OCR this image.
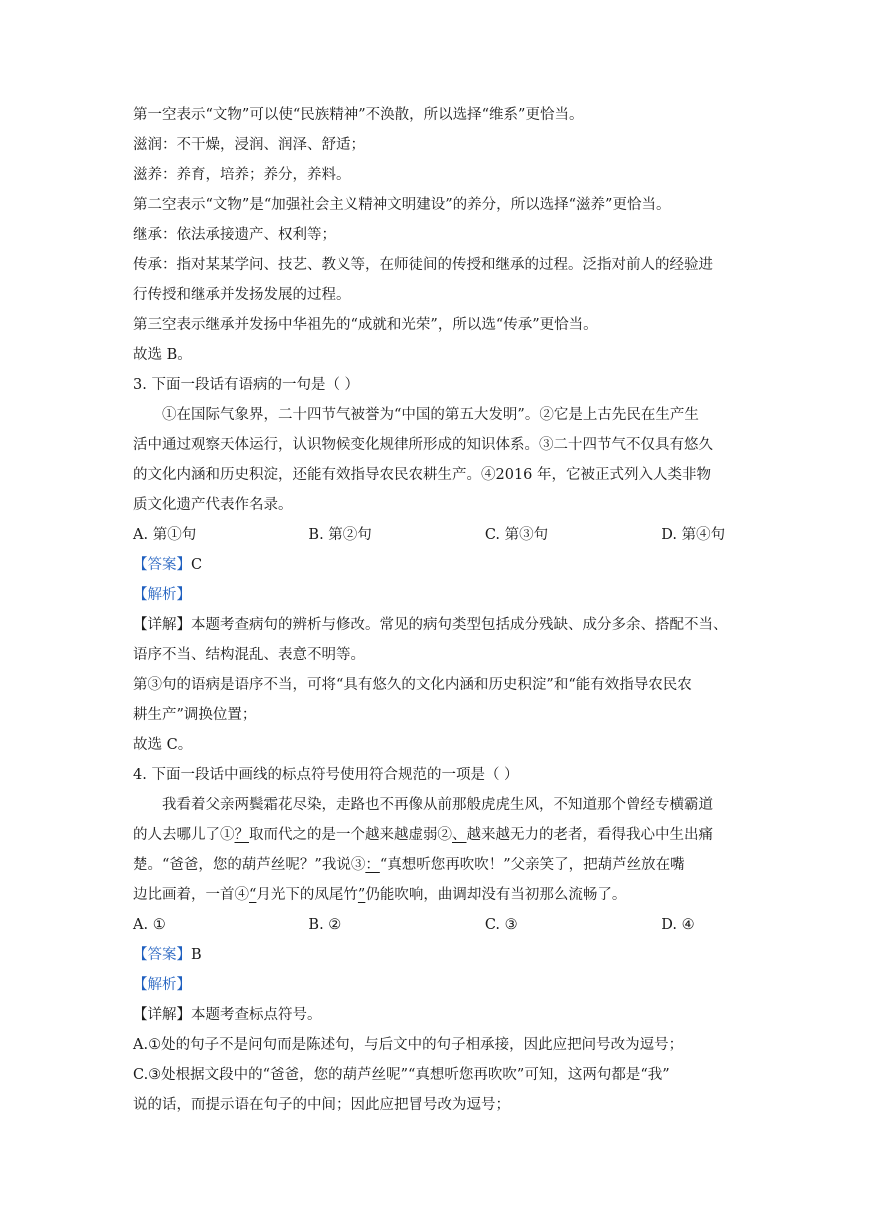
第一空表示“文物”可以使“民族精神”不涣散，所以选择“维系”更恰当。
滋润：不干燥，浸润、润泽、舒适；
滋养：养育，培养；养分，养料。
第二空表示“文物”是“加强社会主义精神文明建设”的养分，所以选择“滋养”更恰当。
继承：依法承接遗产、权利等；
传承：指对某某学问、技艺、教义等，在师徒间的传授和继承的过程。泛指对前人的经验进
行传授和继承并发扬发展的过程。
第三空表示继承并发扬中华祖先的“成就和光荣”，所以选“传承”更恰当。
故选 B。
3. 下面一段话有语病的一句是（ ）
①在国际气象界，二十四节气被誉为“中国的第五大发明”。②它是上古先民在生产生
活中通过观察天体运行，认识物候变化规律所形成的知识体系。③二十四节气不仅具有悠久
的文化内涵和历史积淀，还能有效指导农民农耕生产。④2016 年，它被正式列入人类非物
质文化遗产代表作名录。
A. 第①句	B. 第②句	C. 第③句	D. 第④句
【答案】C
【解析】
【详解】本题考查病句的辨析与修改。常见的病句类型包括成分残缺、成分多余、搭配不当、
语序不当、结构混乱、表意不明等。
第③句的语病是语序不当，可将“具有悠久的文化内涵和历史积淀”和“能有效指导农民农
耕生产”调换位置；
故选 C。
4. 下面一段话中画线的标点符号使用符合规范的一项是（ ）
我看着父亲两鬓霜花尽染，走路也不再像从前那般虎虎生风，不知道那个曾经专横霸道
的人去哪儿了①？取而代之的是一个越来越虚弱②、越来越无力的老者，看得我心中生出痛
楚。“爸爸，您的葫芦丝呢？”我说③：“真想听您再吹吹！”父亲笑了，把葫芦丝放在嘴
边比画着，一首④“月光下的凤尾竹”仍能吹响，曲调却没有当初那么流畅了。
A. ①	B. ②	C. ③	D. ④
【答案】B
【解析】
【详解】本题考查标点符号。
A.①处的句子不是问句而是陈述句，与后文中的句子相承接，因此应把问号改为逗号；
C.③处根据文段中的“爸爸，您的葫芦丝呢”“真想听您再吹吹”可知，这两句都是“我”
说的话，而提示语在句子的中间；因此应把冒号改为逗号；
